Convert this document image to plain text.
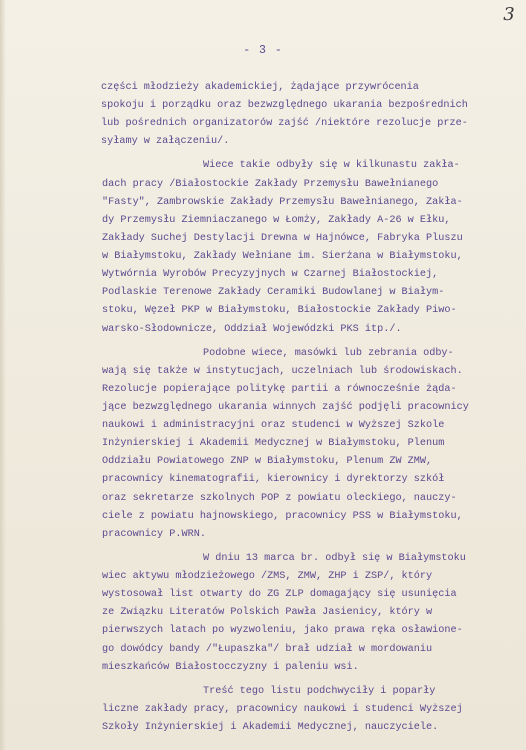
3
- 3 -
części młodzieży akademickiej, żądające przywrócenia
spokoju i porządku oraz bezwzględnego ukarania bezpośrednich
lub pośrednich organizatorów zajść /niektóre rezolucje prze-
syłamy w załączeniu/.
Wiece takie odbyły się w kilkunastu zakła-
dach pracy /Białostockie Zakłady Przemysłu Bawełnianego
"Fasty", Zambrowskie Zakłady Przemysłu Bawełnianego, Zakła-
dy Przemysłu Ziemniaczanego w Łomży, Zakłady A-26 w Ełku,
Zakłady Suchej Destylacji Drewna w Hajnówce, Fabryka Pluszu
w Białymstoku, Zakłady Wełniane im. Sierżana w Białymstoku,
Wytwórnia Wyrobów Precyzyjnych w Czarnej Białostockiej,
Podlaskie Terenowe Zakłady Ceramiki Budowlanej w Białym-
stoku, Węzeł PKP w Białymstoku, Białostockie Zakłady Piwo-
warsko-Słodownicze, Oddział Wojewódzki PKS itp./.
Podobne wiece, masówki lub zebrania odby-
wają się także w instytucjach, uczelniach lub środowiskach.
Rezolucje popierające politykę partii a równocześnie żąda-
jące bezwzględnego ukarania winnych zajść podjęli pracownicy
naukowi i administracyjni oraz studenci w Wyższej Szkole
Inżynierskiej i Akademii Medycznej w Białymstoku, Plenum
Oddziału Powiatowego ZNP w Białymstoku, Plenum ZW ZMW,
pracownicy kinematografii, kierownicy i dyrektorzy szkół
oraz sekretarze szkolnych POP z powiatu oleckiego, nauczy-
ciele z powiatu hajnowskiego, pracownicy PSS w Białymstoku,
pracownicy P.WRN.
W dniu 13 marca br. odbył się w Białymstoku
wiec aktywu młodzieżowego /ZMS, ZMW, ZHP i ZSP/, który
wystosował list otwarty do ZG ZLP domagający się usunięcia
ze Związku Literatów Polskich Pawła Jasienicy, który w
pierwszych latach po wyzwoleniu, jako prawa ręka osławione-
go dowódcy bandy /"Łupaszka"/ brał udział w mordowaniu
mieszkańców Białostocczyzny i paleniu wsi.
Treść tego listu podchwyciły i poparły
liczne zakłady pracy, pracownicy naukowi i studenci Wyższej
Szkoły Inżynierskiej i Akademii Medycznej, nauczyciele.
